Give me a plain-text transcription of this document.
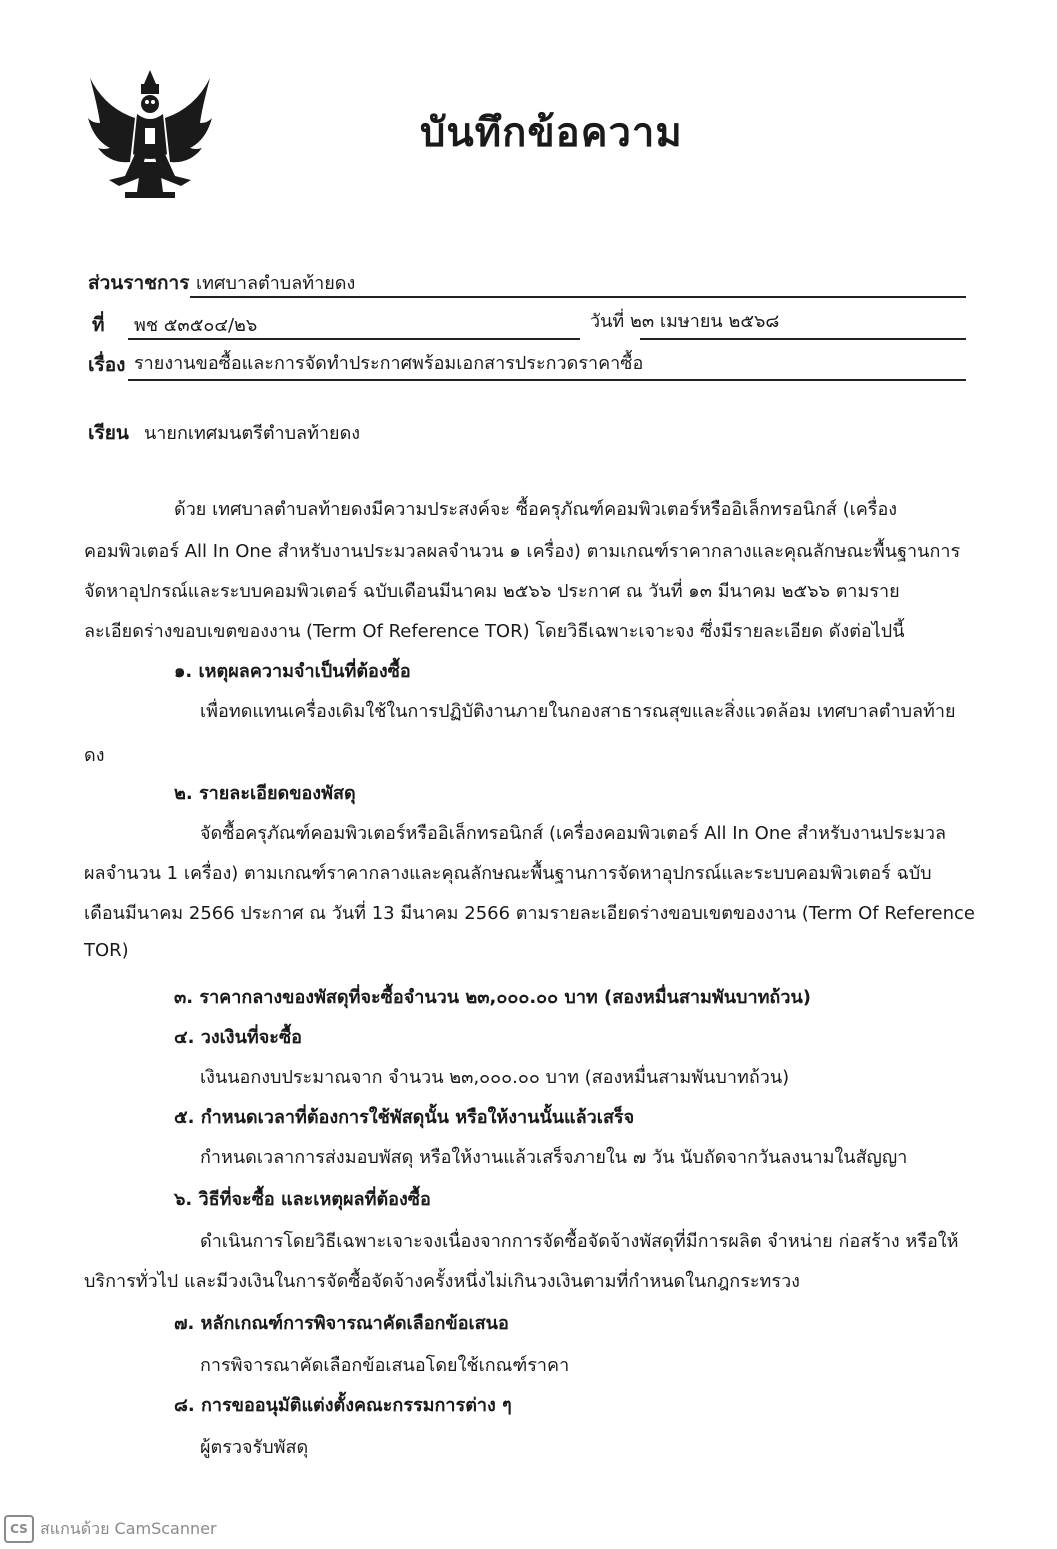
บันทึกข้อความ
ส่วนราชการ เทศบาลตำบลท้ายดง
ที่ พช ๕๓๕๐๔/๒๖	วันที่ ๒๓ เมษายน ๒๕๖๘
เรื่อง รายงานขอซื้อและการจัดทำประกาศพร้อมเอกสารประกวดราคาซื้อ
เรียน นายกเทศมนตรีตำบลท้ายดง
ด้วย เทศบาลตำบลท้ายดงมีความประสงค์จะ ซื้อครุภัณฑ์คอมพิวเตอร์หรืออิเล็กทรอนิกส์ (เครื่อง
คอมพิวเตอร์ All In One สำหรับงานประมวลผลจำนวน ๑ เครื่อง) ตามเกณฑ์ราคากลางและคุณลักษณะพื้นฐานการ
จัดหาอุปกรณ์และระบบคอมพิวเตอร์ ฉบับเดือนมีนาคม ๒๕๖๖ ประกาศ ณ วันที่ ๑๓ มีนาคม ๒๕๖๖ ตามราย
ละเอียดร่างขอบเขตของงาน (Term Of Reference TOR) โดยวิธีเฉพาะเจาะจง ซึ่งมีรายละเอียด ดังต่อไปนี้
๑. เหตุผลความจำเป็นที่ต้องซื้อ
เพื่อทดแทนเครื่องเดิมใช้ในการปฏิบัติงานภายในกองสาธารณสุขและสิ่งแวดล้อม เทศบาลตำบลท้าย
ดง
๒. รายละเอียดของพัสดุ
จัดซื้อครุภัณฑ์คอมพิวเตอร์หรืออิเล็กทรอนิกส์ (เครื่องคอมพิวเตอร์ All In One สำหรับงานประมวล
ผลจำนวน 1 เครื่อง) ตามเกณฑ์ราคากลางและคุณลักษณะพื้นฐานการจัดหาอุปกรณ์และระบบคอมพิวเตอร์ ฉบับ
เดือนมีนาคม 2566 ประกาศ ณ วันที่ 13 มีนาคม 2566 ตามรายละเอียดร่างขอบเขตของงาน (Term Of Reference
TOR)
๓. ราคากลางของพัสดุที่จะซื้อจำนวน ๒๓,๐๐๐.๐๐ บาท (สองหมื่นสามพันบาทถ้วน)
๔. วงเงินที่จะซื้อ
เงินนอกงบประมาณจาก จำนวน ๒๓,๐๐๐.๐๐ บาท (สองหมื่นสามพันบาทถ้วน)
๕. กำหนดเวลาที่ต้องการใช้พัสดุนั้น หรือให้งานนั้นแล้วเสร็จ
กำหนดเวลาการส่งมอบพัสดุ หรือให้งานแล้วเสร็จภายใน ๗ วัน นับถัดจากวันลงนามในสัญญา
๖. วิธีที่จะซื้อ และเหตุผลที่ต้องซื้อ
ดำเนินการโดยวิธีเฉพาะเจาะจงเนื่องจากการจัดซื้อจัดจ้างพัสดุที่มีการผลิต จำหน่าย ก่อสร้าง หรือให้
บริการทั่วไป และมีวงเงินในการจัดซื้อจัดจ้างครั้งหนึ่งไม่เกินวงเงินตามที่กำหนดในกฎกระทรวง
๗. หลักเกณฑ์การพิจารณาคัดเลือกข้อเสนอ
การพิจารณาคัดเลือกข้อเสนอโดยใช้เกณฑ์ราคา
๘. การขออนุมัติแต่งตั้งคณะกรรมการต่าง ๆ
ผู้ตรวจรับพัสดุ
CS สแกนด้วย CamScanner
